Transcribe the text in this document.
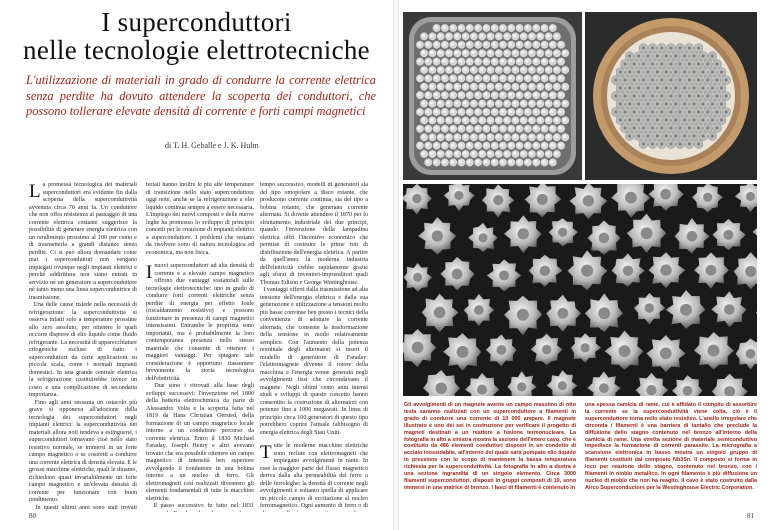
I superconduttori
nelle tecnologie elettrotecniche
L'utilizzazione di materiali in grado di condurre la corrente elettrica senza perdite ha dovuto attendere la scoperta dei conduttori, che possono tollerare elevate densità di corrente e forti campi magnetici
di T. H. Geballe e J. K. Hulm

La promessa tecnologica dei materiali superconduttori era evidente fin dalla scoperta della superconduttività avvenuta circa 70 anni fa. Un conduttore che non offra resistenza al passaggio di una corrente elettrica costante suggerisce la possibilità di generare energia elettrica con un rendimento prossimo al 100 per cento e di trasmetterla a grandi distanze senza perdite. Ci si può allora domandare come mai i superconduttori non vengano impiegati ovunque negli impianti elettrici e perché addirittura non siano entrati in servizio né un generatore a superconduttore né tanto meno una linea superconduttrice di trasmissione.

Una delle cause risiede nella necessità di refrigerazione: la superconduttività si osserva infatti solo a temperature prossime allo zero assoluto, per ottenere le quali occorre disporre di elio liquido come fluido refrigerante. La necessità di apparecchiature criogeniche escluse di fatto i superconduttori da certe applicazioni su piccola scala, come i normali impianti domestici. In una grande centrale elettrica la refrigerazione costituirebbe invece un costo e una complicazione di secondaria importanza.

Fino agli anni sessanta un ostacolo più grave si opponeva all'adozione della tecnologia dei superconduttori negli impianti elettrici: la superconduttività nei materiali allora noti tendeva a estinguersi, i superconduttori tornavano cioè nello stato resistivo normale, se immersi in un forte campo magnetico o se costretti a condurre una corrente elettrica di densità elevata. E le grosse macchine elettriche, quali le dinamo, richiedono quasi invariabilmente un forte campo magnetico e un'elevata densità di corrente per funzionare con buon rendimento.

In questi ultimi anni sono stati trovati

teriali hanno inoltre le più alte temperature di transizione nello stato superconduttore oggi note, anche se la refrigerazione a elio liquido continua sempre a essere necessaria. L'impiego dei nuovi composti e delle nuove leghe ha promosso lo sviluppo di principio concetti per le creazione di impianti elettrici a superconduttore. I problemi che restano da risolvere sono di natura tecnologica ed economica, ma non fisica.

I nuovi superconduttori ad alta densità di corrente e a elevato campo magnetico offrono due vantaggi sostanziali sulle tecnologie elettrotecniche: uno in grado di condurre forti correnti elettriche senza perdite di energia per effetto Joule (riscaldamento resistivo) e possono funzionare in presenza di campi magnetici intensissimi. Entrambe le proprietà sono importanti, ma è probabilmente la loro contemporanea presenza nello stesso materiale che consente di ottenere i maggiori vantaggi. Per spiegare tale considerazione è opportuno riassumere brevemente la storia tecnologica dell'elettricità.

Due sono i ritrovati alla base degli sviluppi successivi: l'invenzione nel 1800 della batteria elettrochimica da parte di Alessandro Volta e la scoperta fatta nel 1819 da Hans Christian Oersted, della formazione di un campo magnetico locale intorno a un conduttore percorso da corrente elettrica. Entro il 1830 Michael Faraday, Joseph Henry e altri avevano trovato che era possibile ottenere un campo magnetico di intensità ben superiore avvolgendo il conduttore in una bobina intorno a un nucleo di ferro. Gli elettromagneti così realizzati divennero gli elementi fondamentali di tutte le macchine elettriche.

Il passo successivo fu fatto nel 1831

tempo successivo, modelli di generatori sia del tipo omopolare a disco rotante, che producono corrente continua, sia del tipo a bobina rotante, che generano corrente alternata. Si dovette attendere il 1870 per lo sfruttamento industriale dei due principi, quando l'invenzione della lampadina elettrica offrì l'incentivo economico che permise di costruire le prime reti di distribuzione dell'energia elettrica. A partire da quell'anno la moderna industria dell'elettricità crebbe rapidamente grazie agli sforzi di inventori-imprenditori quali Thomas Edison e George Westinghouse.

I vantaggi offerti dalla trasmissione ad alta tensione dell'energia elettrica e dalla sua generazione e utilizzazione a tensioni molto più basse convinse ben presto i tecnici della convenienza di adottare la corrente alternata, che consente la trasformazione della tensione in modo relativamente semplice. Con l'aumento della potenza nominale degli alternatori si inserì il modello di generatore di Faraday: l'elettromagnete divenne il rotore della macchina e l'energia venne generata negli avvolgimenti fissi che circondavano il magnete. Negli ultimi cento anni intensi studi e sviluppi di questo concetto hanno consentito la costruzione di alternatori con potenze fino a 1000 megawatt. In linea di principio circa 100 generatori di questo tipo potrebbero coprire l'attuale fabbisogno di energia elettrica degli Stati Uniti.

Tutte le moderne macchine elettriche sono reclute con elettromagneti che impiegano avvolgimenti in rame. In esse la maggior parte del flusso magnetico deriva dalla alta permeabilità del ferro o delle ferroleghe; la densità di corrente negli avvolgimenti è soltanto quella di applicare un piccolo campo di eccitazione al nucleo ferromagnetico. Ogni aumento di ferro o di

80
Gli avvolgimenti di un magnete avente un campo massimo di otto tesla saranno realizzati con un superconduttore a filamenti in grado di condurre una corrente di 10 000 ampere. Il magnete illustrato è uno dei sei in costruzione per verificare il progetto di magneti destinati a un reattore a fusione termonucleare. La fotografia in alto a sinistra mostra la sezione dell'intero cavo, che è costituito da 486 elementi conduttori disposti in un condotto di acciaio inossidabile, all'interno del quale sarà pompato elio liquido in pressione con lo scopo di mantenere la bassa temperatura richiesta per la superconduttività. La fotografia in alto a destra è una sezione ingrandita di un singolo elemento. Circa 3000 filamenti superconduttori, disposti in gruppi composti di 19, sono immersi in una matrice di bronzo. I fasci di filamenti è contenuto in
una spessa camicia di rame, cui è affidato il compito di assorbire la corrente se la superconduttività viene colta, ciò è il superconduttore torna nello stato resistivo. L'anello irregolare che circonda i filamenti è una barriera di tantalio che preclude la diffusione dello stagno contenuto nel bronzo all'interno della camicia di rame. Una stretta sezione di materiale semiconduttivo impedisce la formazione di correnti parassite. La micrografia a scansione elettronica in basso mostra un singolo gruppo di filamenti costituiti dal composto Nb3Sn. Il composto si forma in loco per reazione dello stagno, contenuto nel bronzo, con i filamenti in niobio metallico. In ogni filamento è più diffusione un nucleo di niobio che non ha reagito. Il cavo è stato costruito dalla Airco Superconductors per la Westinghouse Electric Corporation.
81
